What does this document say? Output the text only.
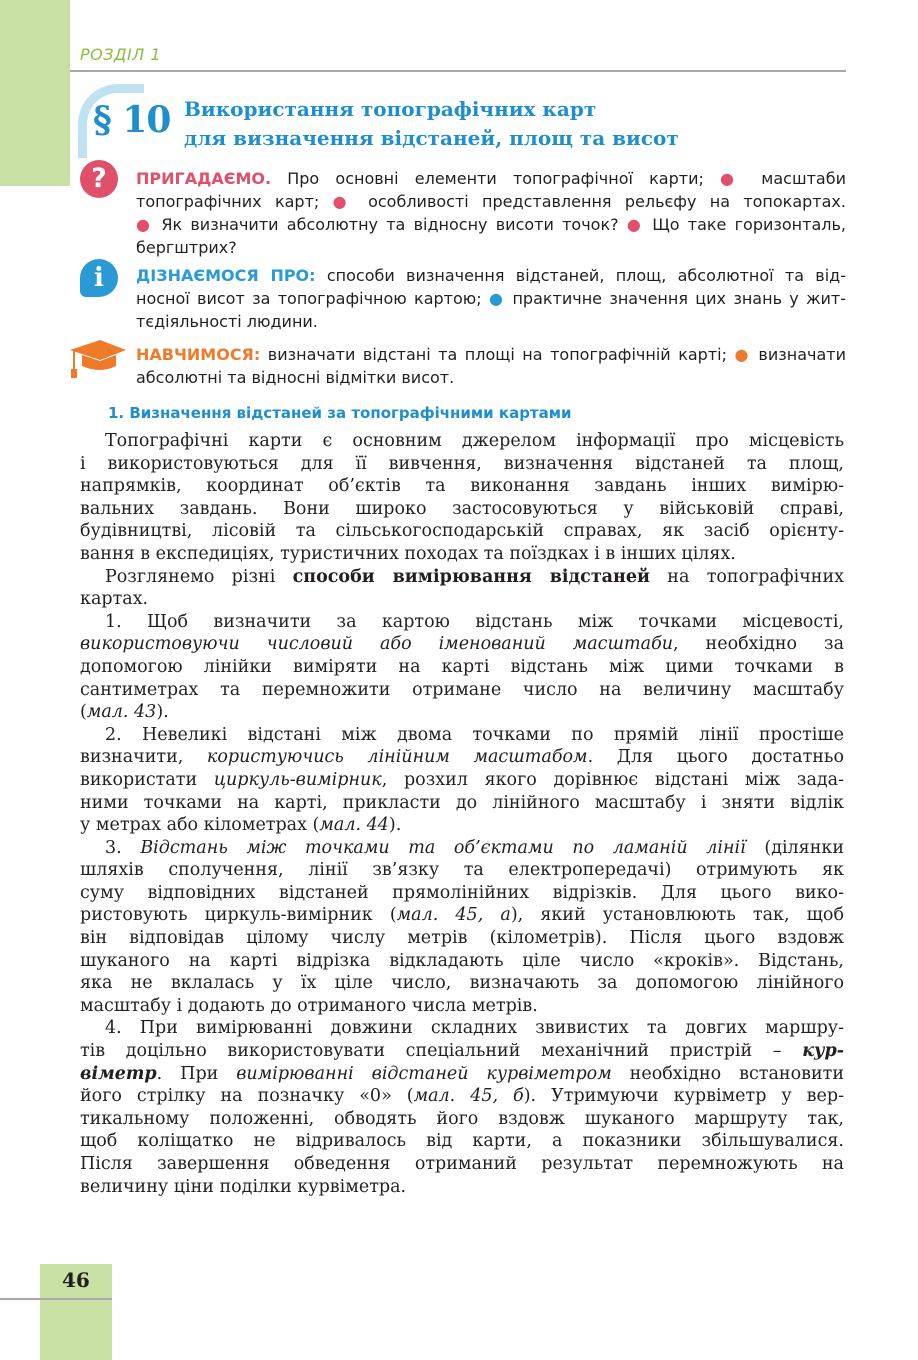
РОЗДІЛ 1
§ 10 Використання топографічних карт
для визначення відстаней, площ та висот
?	ПРИГАДАЄМО. Про основні елементи топографічної карти; ● масштаби
топографічних карт; ● особливості представлення рельєфу на топокартах.
● Як визначити абсолютну та відносну висоти точок? ● Що таке горизонталь,
бергштрих?
i	ДІЗНАЄМОСЯ ПРО: способи визначення відстаней, площ, абсолютної та від-
носної висот за топографічною картою; ● практичне значення цих знань у жит-
тєдіяльності людини.
НАВЧИМОСЯ: визначати відстані та площі на топографічній карті; ● визначати
абсолютні та відносні відмітки висот.
1. Визначення відстаней за топографічними картами
Топографічні карти є основним джерелом інформації про місцевість
і використовуються для її вивчення, визначення відстаней та площ,
напрямків, координат об’єктів та виконання завдань інших вимірю-
вальних завдань. Вони широко застосовуються у військовій справі,
будівництві, лісовій та сільськогосподарській справах, як засіб орієнту-
вання в експедиціях, туристичних походах та поїздках і в інших цілях.
Розглянемо різні способи вимірювання відстаней на топографічних
картах.
1. Щоб визначити за картою відстань між точками місцевості,
використовуючи числовий або іменований масштаби, необхідно за
допомогою лінійки виміряти на карті відстань між цими точками в
сантиметрах та перемножити отримане число на величину масштабу
(мал. 43).
2. Невеликі відстані між двома точками по прямій лінії простіше
визначити, користуючись лінійним масштабом. Для цього достатньо
використати циркуль-вимірник, розхил якого дорівнює відстані між зада-
ними точками на карті, прикласти до лінійного масштабу і зняти відлік
у метрах або кілометрах (мал. 44).
3. Відстань між точками та об’єктами по ламаній лінії (ділянки
шляхів сполучення, лінії зв’язку та електропередачі) отримують як
суму відповідних відстаней прямолінійних відрізків. Для цього вико-
ристовують циркуль-вимірник (мал. 45, а), який установлюють так, щоб
він відповідав цілому числу метрів (кілометрів). Після цього вздовж
шуканого на карті відрізка відкладають ціле число «кроків». Відстань,
яка не вклалась у їх ціле число, визначають за допомогою лінійного
масштабу і додають до отриманого числа метрів.
4. При вимірюванні довжини складних звивистих та довгих маршру-
тів доцільно використовувати спеціальний механічний пристрій – кур-
віметр. При вимірюванні відстаней курвіметром необхідно встановити
його стрілку на позначку «0» (мал. 45, б). Утримуючи курвіметр у вер-
тикальному положенні, обводять його вздовж шуканого маршруту так,
щоб коліщатко не відривалось від карти, а показники збільшувалися.
Після завершення обведення отриманий результат перемножують на
величину ціни поділки курвіметра.
46
